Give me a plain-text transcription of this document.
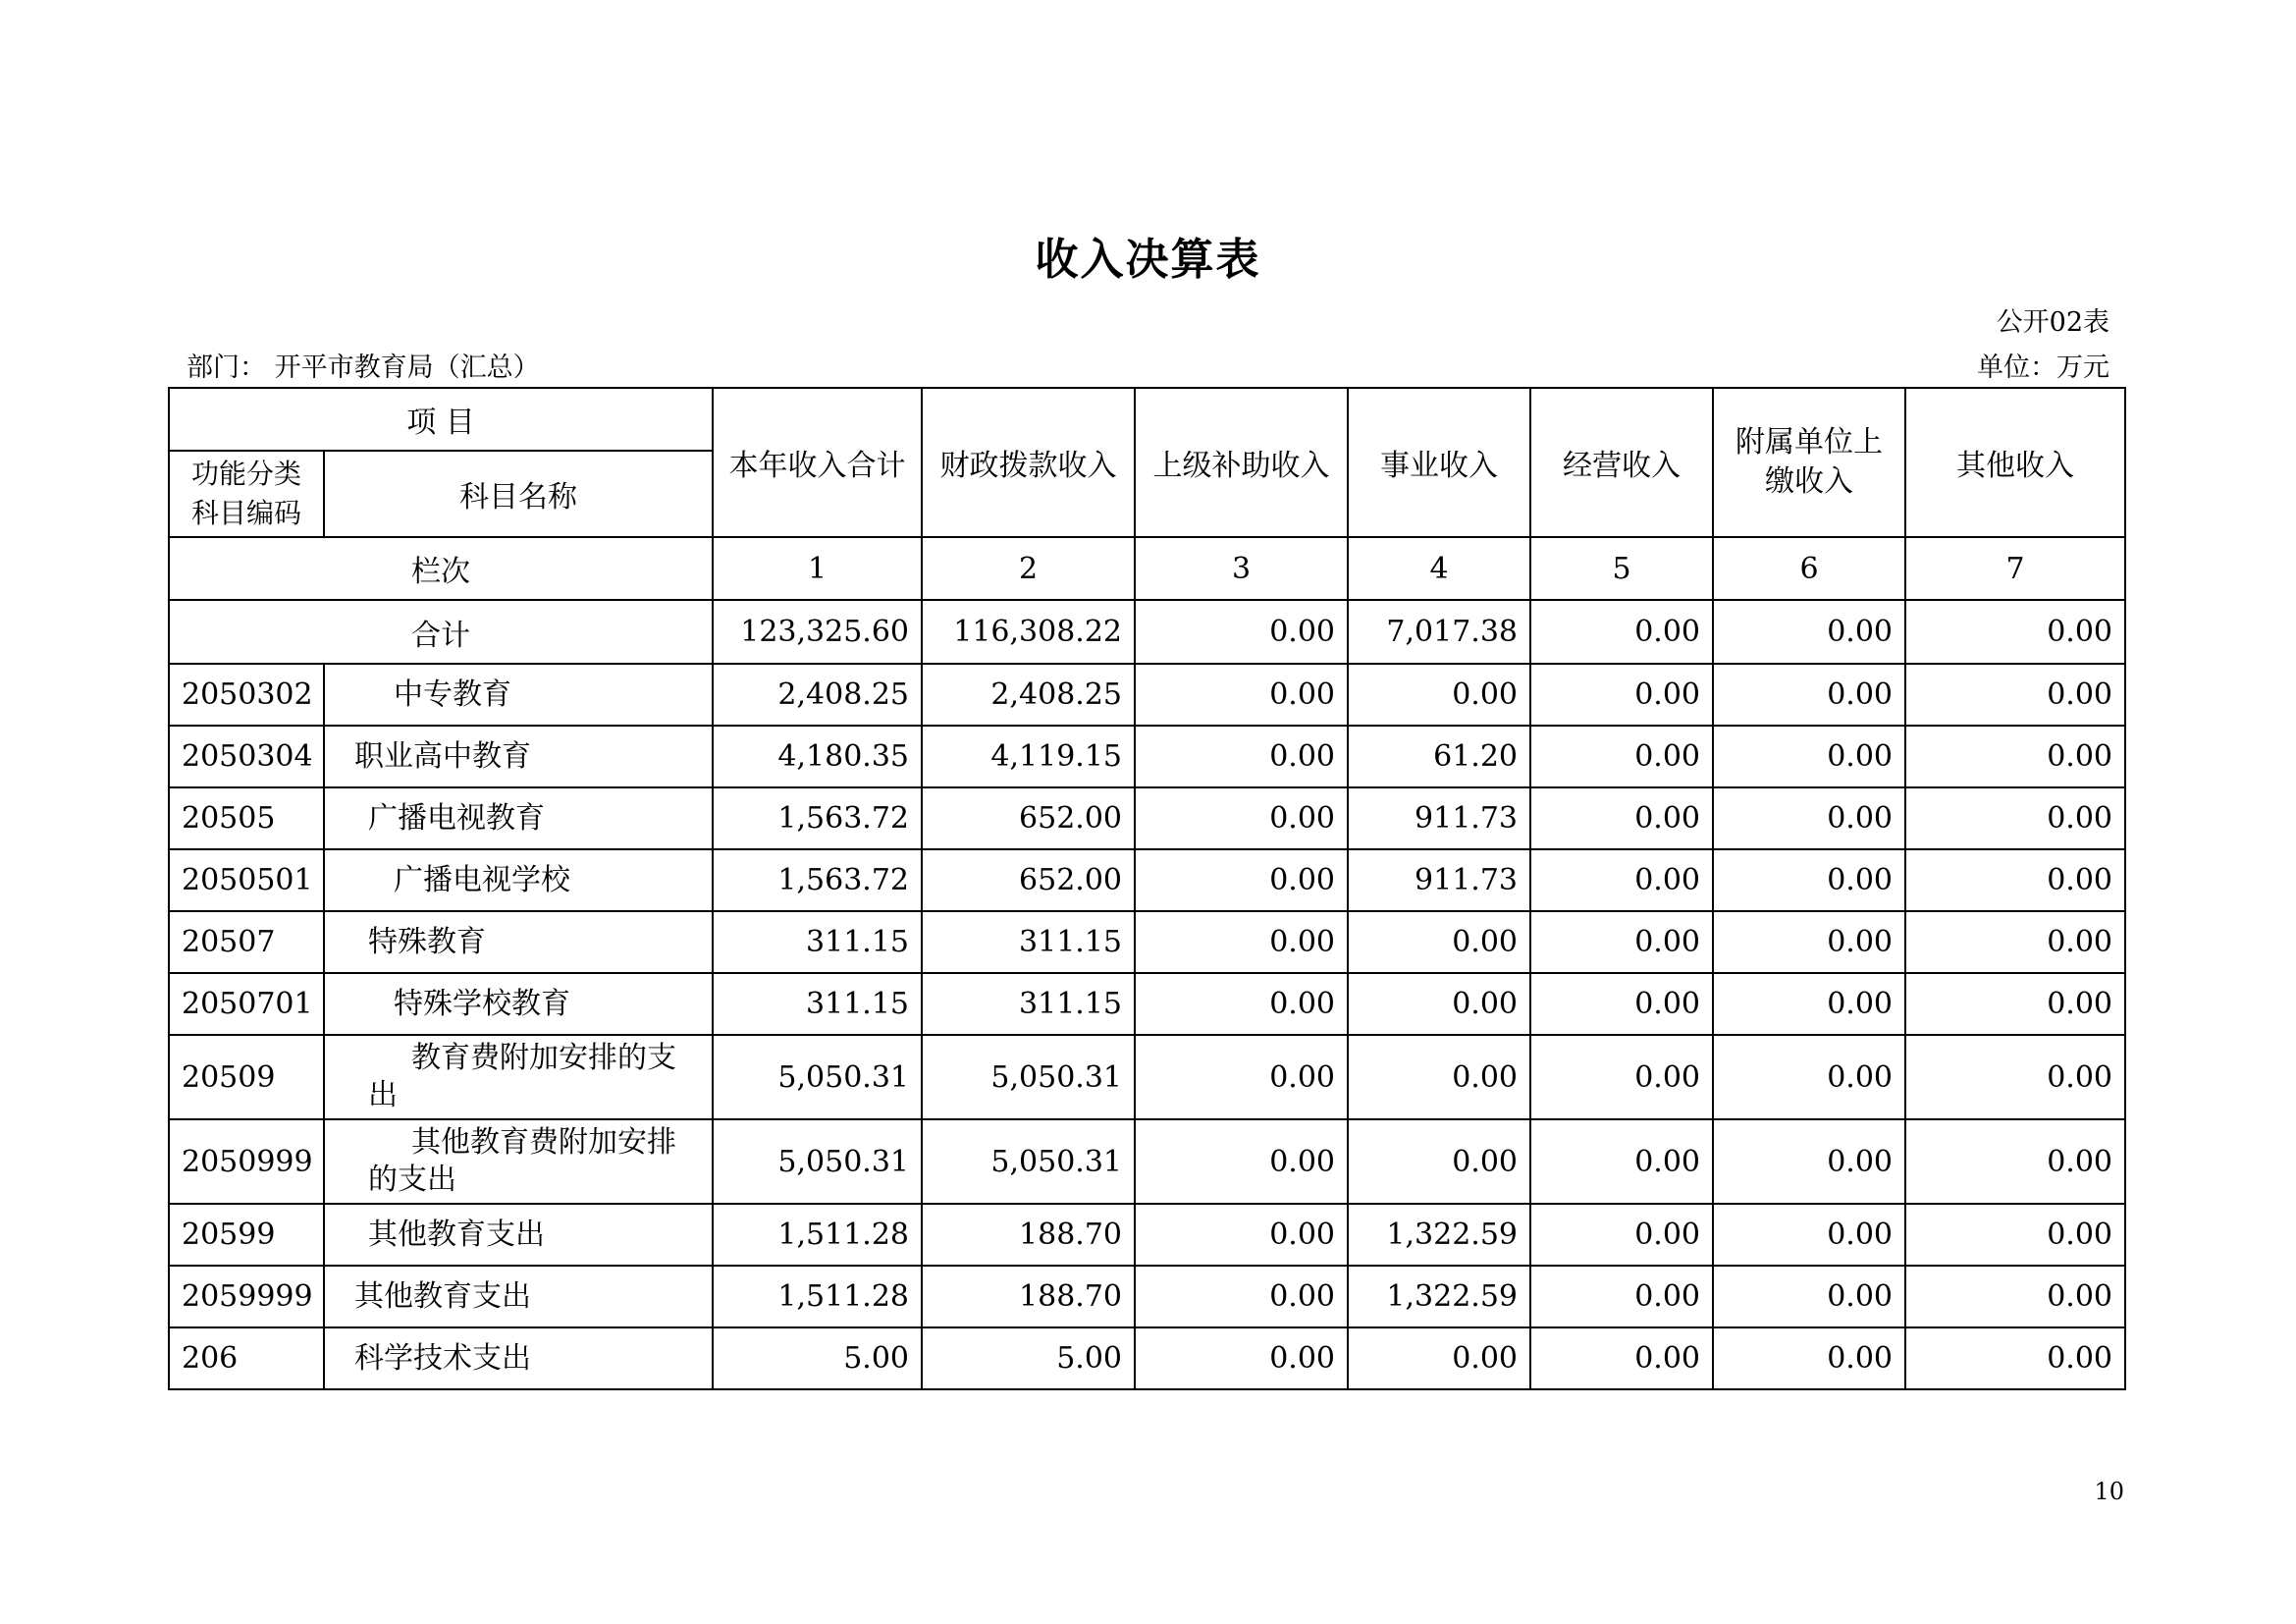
收入决算表
公开02表
部门： 开平市教育局（汇总）	单位：万元
项 目		本年收入合计	财政拨款收入	上级补助收入	事业收入	经营收入	附属单位上缴收入	其他收入
功能分类科目编码	科目名称							
栏次		1	2	3	4	5	6	7
合计		123,325.60	116,308.22	0.00	7,017.38	0.00	0.00	0.00
2050302	中专教育	2,408.25	2,408.25	0.00	0.00	0.00	0.00	0.00
2050304	职业高中教育	4,180.35	4,119.15	0.00	61.20	0.00	0.00	0.00
20505	广播电视教育	1,563.72	652.00	0.00	911.73	0.00	0.00	0.00
2050501	广播电视学校	1,563.72	652.00	0.00	911.73	0.00	0.00	0.00
20507	特殊教育	311.15	311.15	0.00	0.00	0.00	0.00	0.00
2050701	特殊学校教育	311.15	311.15	0.00	0.00	0.00	0.00	0.00
20509	教育费附加安排的支出	5,050.31	5,050.31	0.00	0.00	0.00	0.00	0.00
2050999	其他教育费附加安排的支出	5,050.31	5,050.31	0.00	0.00	0.00	0.00	0.00
20599	其他教育支出	1,511.28	188.70	0.00	1,322.59	0.00	0.00	0.00
2059999	其他教育支出	1,511.28	188.70	0.00	1,322.59	0.00	0.00	0.00
206	科学技术支出	5.00	5.00	0.00	0.00	0.00	0.00	0.00
10
